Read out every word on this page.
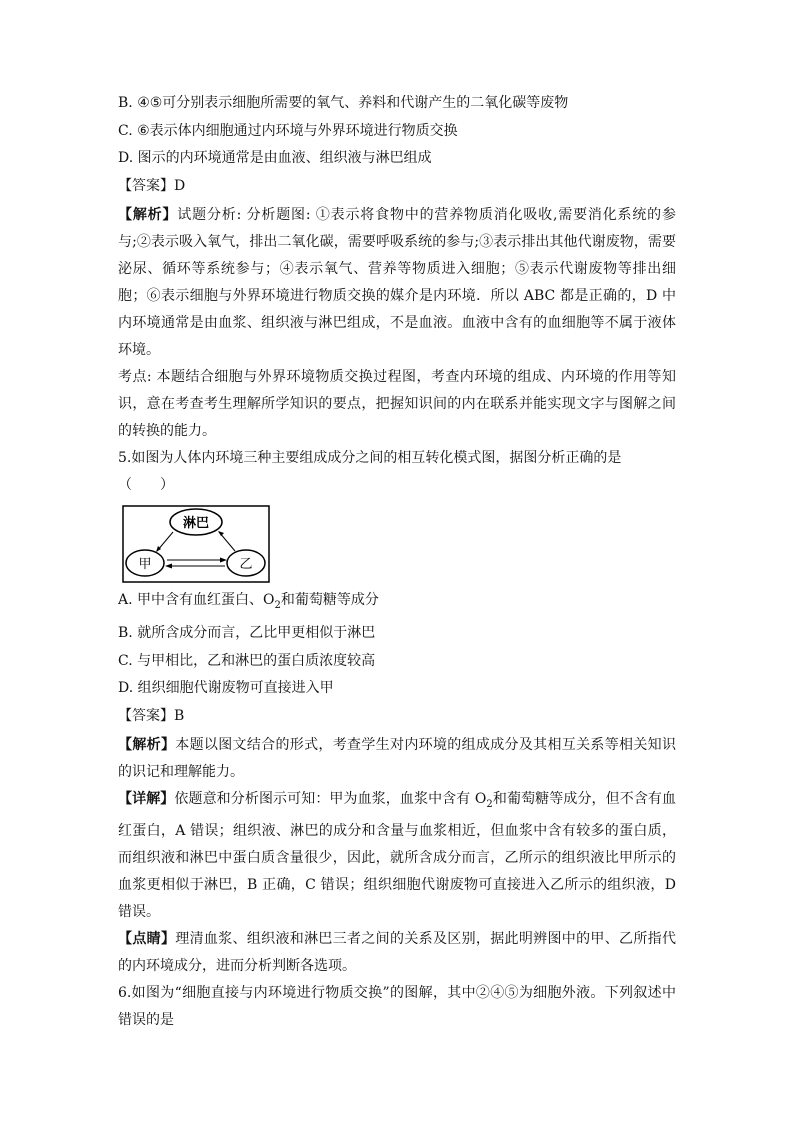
B. ④⑤可分别表示细胞所需要的氧气、养料和代谢产生的二氧化碳等废物

C. ⑥表示体内细胞通过内环境与外界环境进行物质交换

D. 图示的内环境通常是由血液、组织液与淋巴组成

【答案】D

【解析】试题分析: 分析题图: ①表示将食物中的营养物质消化吸收,需要消化系统的参与;②表示吸入氧气，排出二氧化碳，需要呼吸系统的参与;③表示排出其他代谢废物，需要泌尿、循环等系统参与；④表示氧气、营养等物质进入细胞；⑤表示代谢废物等排出细胞；⑥表示细胞与外界环境进行物质交换的媒介是内环境．所以 ABC 都是正确的，D 中内环境通常是由血浆、组织液与淋巴组成，不是血液。血液中含有的血细胞等不属于液体环境。

考点: 本题结合细胞与外界环境物质交换过程图，考查内环境的组成、内环境的作用等知识，意在考查考生理解所学知识的要点，把握知识间的内在联系并能实现文字与图解之间的转换的能力。

5.如图为人体内环境三种主要组成成分之间的相互转化模式图，据图分析正确的是

（　　）

淋巴
甲	乙

A. 甲中含有血红蛋白、$O_2$和葡萄糖等成分

B. 就所含成分而言，乙比甲更相似于淋巴

C. 与甲相比，乙和淋巴的蛋白质浓度较高

D. 组织细胞代谢废物可直接进入甲

【答案】B

【解析】本题以图文结合的形式，考查学生对内环境的组成成分及其相互关系等相关知识的识记和理解能力。

【详解】依题意和分析图示可知：甲为血浆，血浆中含有 $O_2$和葡萄糖等成分，但不含有血红蛋白，A 错误；组织液、淋巴的成分和含量与血浆相近，但血浆中含有较多的蛋白质，而组织液和淋巴中蛋白质含量很少，因此，就所含成分而言，乙所示的组织液比甲所示的血浆更相似于淋巴，B 正确，C 错误；组织细胞代谢废物可直接进入乙所示的组织液，D 错误。

【点睛】理清血浆、组织液和淋巴三者之间的关系及区别，据此明辨图中的甲、乙所指代的内环境成分，进而分析判断各选项。

6.如图为“细胞直接与内环境进行物质交换”的图解，其中②④⑤为细胞外液。下列叙述中错误的是
